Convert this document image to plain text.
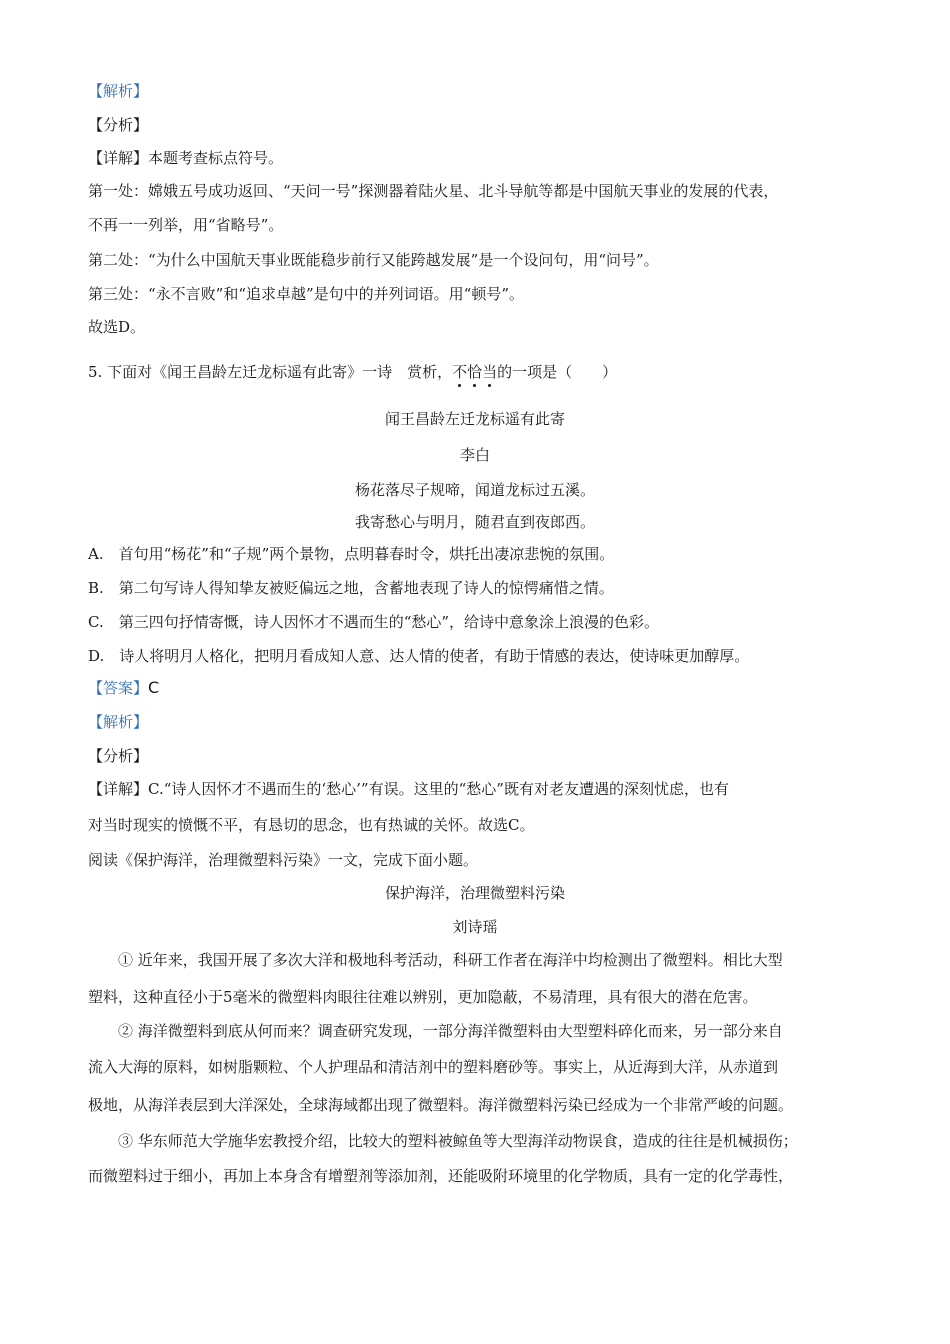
【解析】
【分析】
【详解】本题考查标点符号。
第一处：嫦娥五号成功返回、“天问一号”探测器着陆火星、北斗导航等都是中国航天事业的发展的代表，
不再一一列举，用“省略号”。
第二处：“为什么中国航天事业既能稳步前行又能跨越发展”是一个设问句，用“问号”。
第三处：“永不言败”和“追求卓越”是句中的并列词语。用“顿号”。
故选D。
5. 下面对《闻王昌龄左迁龙标遥有此寄》一诗　赏析，不恰当的一项是（　　）
闻王昌龄左迁龙标遥有此寄
李白
杨花落尽子规啼，闻道龙标过五溪。
我寄愁心与明月，随君直到夜郎西。
A.　首句用“杨花”和“子规”两个景物，点明暮春时令，烘托出凄凉悲惋的氛围。
B.　第二句写诗人得知挚友被贬偏远之地，含蓄地表现了诗人的惊愕痛惜之情。
C.　第三四句抒情寄慨，诗人因怀才不遇而生的“愁心”，给诗中意象涂上浪漫的色彩。
D.　诗人将明月人格化，把明月看成知人意、达人情的使者，有助于情感的表达，使诗味更加醇厚。
【答案】C
【解析】
【分析】
【详解】C.“诗人因怀才不遇而生的‘愁心’”有误。这里的“愁心”既有对老友遭遇的深刻忧虑，也有
对当时现实的愤慨不平，有恳切的思念，也有热诚的关怀。故选C。
阅读《保护海洋，治理微塑料污染》一文，完成下面小题。
保护海洋，治理微塑料污染
刘诗瑶
① 近年来，我国开展了多次大洋和极地科考活动，科研工作者在海洋中均检测出了微塑料。相比大型
塑料，这种直径小于5毫米的微塑料肉眼往往难以辨别，更加隐蔽，不易清理，具有很大的潜在危害。
② 海洋微塑料到底从何而来？调查研究发现，一部分海洋微塑料由大型塑料碎化而来，另一部分来自
流入大海的原料，如树脂颗粒、个人护理品和清洁剂中的塑料磨砂等。事实上，从近海到大洋，从赤道到
极地，从海洋表层到大洋深处，全球海域都出现了微塑料。海洋微塑料污染已经成为一个非常严峻的问题。
③ 华东师范大学施华宏教授介绍，比较大的塑料被鲸鱼等大型海洋动物误食，造成的往往是机械损伤；
而微塑料过于细小，再加上本身含有增塑剂等添加剂，还能吸附环境里的化学物质，具有一定的化学毒性，
